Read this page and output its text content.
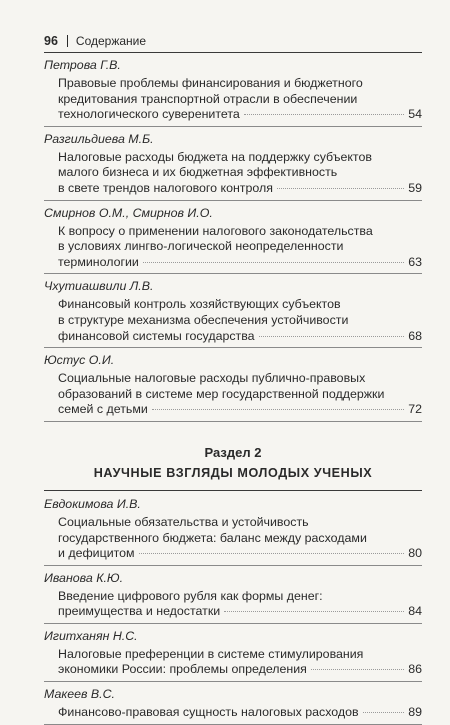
96 Содержание
Петрова Г.В.
Правовые проблемы финансирования и бюджетного
кредитования транспортной отрасли в обеспечении
технологического суверенитета	54
Разгильдиева М.Б.
Налоговые расходы бюджета на поддержку субъектов
малого бизнеса и их бюджетная эффективность
в свете трендов налогового контроля	59
Смирнов О.М., Смирнов И.О.
К вопросу о применении налогового законодательства
в условиях лингво-логической неопределенности
терминологии	63
Чхутиашвили Л.В.
Финансовый контроль хозяйствующих субъектов
в структуре механизма обеспечения устойчивости
финансовой системы государства	68
Юстус О.И.
Социальные налоговые расходы публично-правовых
образований в системе мер государственной поддержки
семей с детьми	72
Раздел 2
НАУЧНЫЕ ВЗГЛЯДЫ МОЛОДЫХ УЧЕНЫХ
Евдокимова И.В.
Социальные обязательства и устойчивость
государственного бюджета: баланс между расходами
и дефицитом	80
Иванова К.Ю.
Введение цифрового рубля как формы денег:
преимущества и недостатки	84
Игитханян Н.С.
Налоговые преференции в системе стимулирования
экономики России: проблемы определения	86
Макеев В.С.
Финансово-правовая сущность налоговых расходов	89
